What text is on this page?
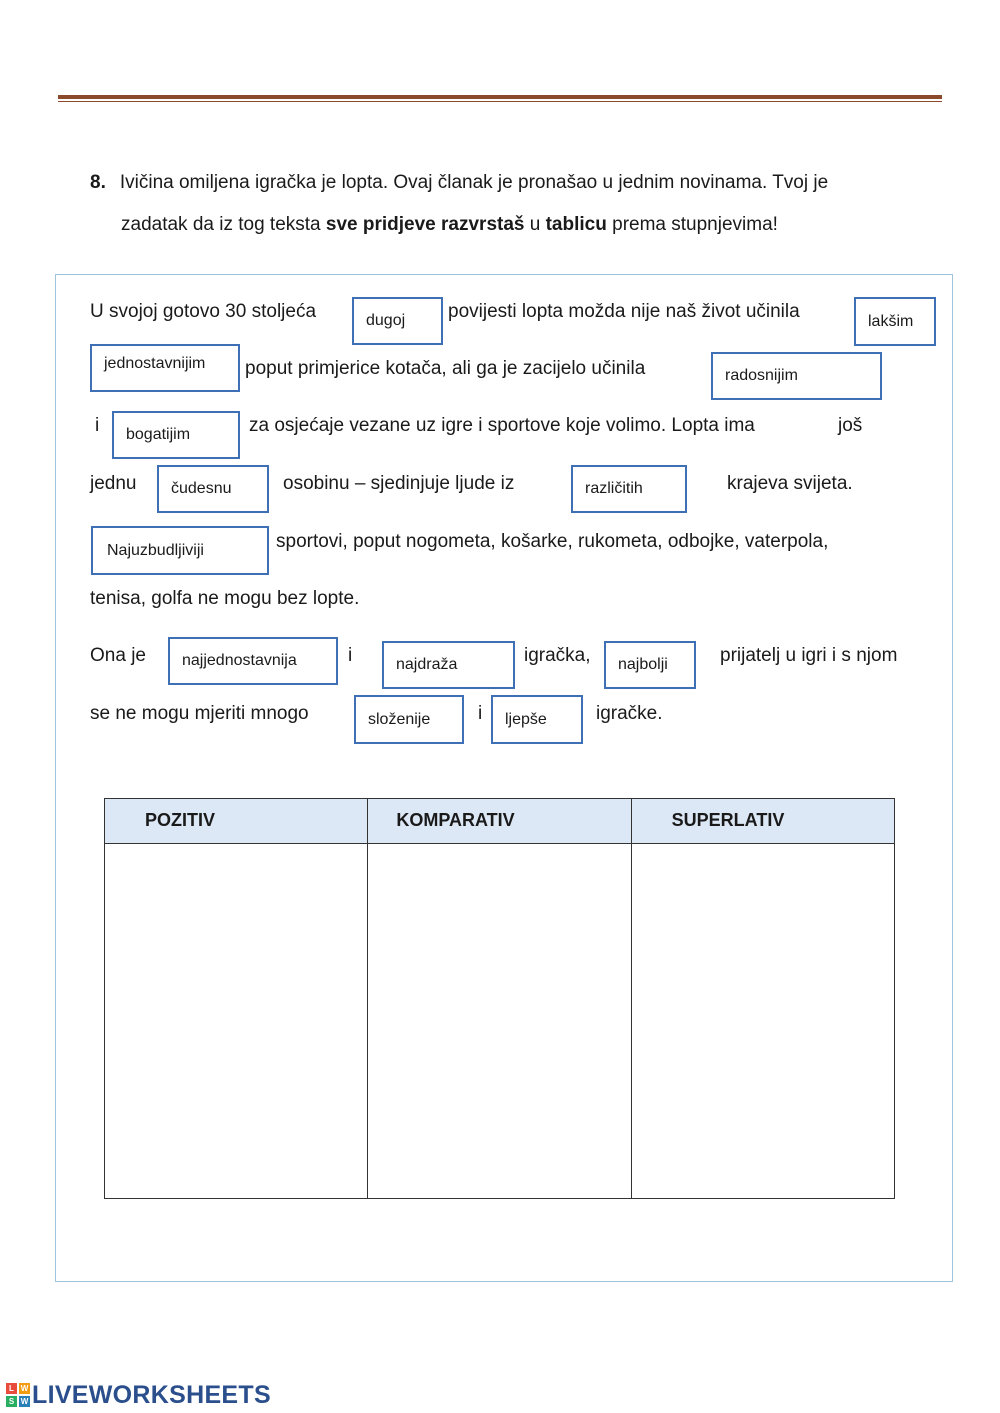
8. Ivičina omiljena igračka je lopta. Ovaj članak je pronašao u jednim novinama. Tvoj je
zadatak da iz tog teksta sve pridjeve razvrstaš u tablicu prema stupnjevima!
U svojoj gotovo 30 stoljeća	dugoj	povijesti lopta možda nije naš život učinila	lakšim
jednostavnijim	poput primjerice kotača, ali ga je zacijelo učinila	radosnijim
i	bogatijim	za osjećaje vezane uz igre i sportove koje volimo. Lopta ima	još
jednu	čudesnu	osobinu – sjedinjuje ljude iz	različitih	krajeva svijeta.
Najuzbudljiviji	sportovi, poput nogometa, košarke, rukometa, odbojke, vaterpola,
tenisa, golfa ne mogu bez lopte.
Ona je	najjednostavnija	i	najdraža	igračka,	najbolji	prijatelj u igri i s njom
se ne mogu mjeriti mnogo	složenije	i	ljepše	igračke.
POZITIV	KOMPARATIV	SUPERLATIV

L W
S W LIVEWORKSHEETS
